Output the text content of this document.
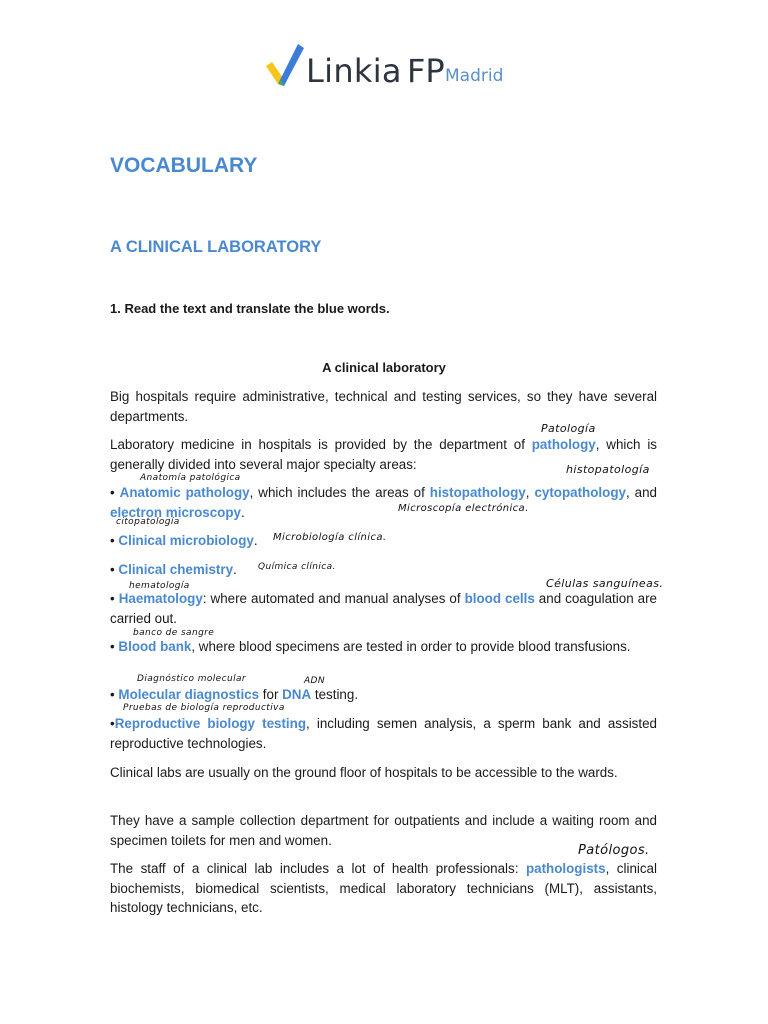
Linkia FP Madrid
VOCABULARY
A CLINICAL LABORATORY
1. Read the text and translate the blue words.
A clinical laboratory
Big hospitals require administrative, technical and testing services, so they have several departments.
Laboratory medicine in hospitals is provided by the department of pathology, which is generally divided into several major specialty areas:
• Anatomic pathology, which includes the areas of histopathology, cytopathology, and electron microscopy.
• Clinical microbiology.
• Clinical chemistry.
• Haematology: where automated and manual analyses of blood cells and coagulation are carried out.
• Blood bank, where blood specimens are tested in order to provide blood transfusions.
• Molecular diagnostics for DNA testing.
•Reproductive biology testing, including semen analysis, a sperm bank and assisted reproductive technologies.
Clinical labs are usually on the ground floor of hospitals to be accessible to the wards.
They have a sample collection department for outpatients and include a waiting room and specimen toilets for men and women.
The staff of a clinical lab includes a lot of health professionals: pathologists, clinical biochemists, biomedical scientists, medical laboratory technicians (MLT), assistants, histology technicians, etc.
Patología
histopatología
Anatomía patológica
Microscopía electrónica.
citopatología
Microbiología clínica.
Química clínica.
hematología	Células sanguíneas.
banco de sangre
Diagnóstico molecular	ADN
Pruebas de biología reproductiva
Patólogos.
